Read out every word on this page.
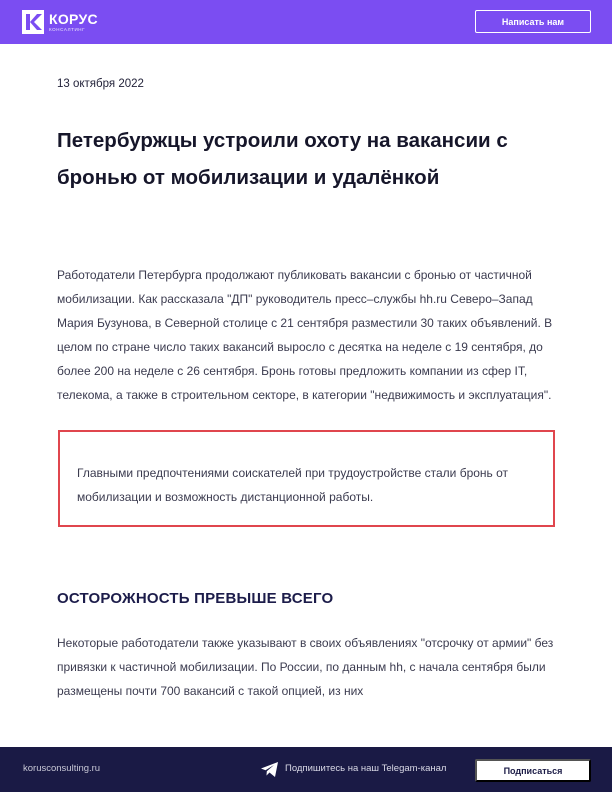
КОРУС
КОНСАЛТИНГ
Написать нам
13 октября 2022
Петербуржцы устроили охоту на вакансии с бронью от мобилизации и удалёнкой

Работодатели Петербурга продолжают публиковать вакансии с бронью от частичной мобилизации. Как рассказала "ДП" руководитель пресс–службы hh.ru Северо–Запад Мария Бузунова, в Северной столице с 21 сентября разместили 30 таких объявлений. В целом по стране число таких вакансий выросло с десятка на неделе с 19 сентября, до более 200 на неделе с 26 сентября. Бронь готовы предложить компании из сфер IT, телекома, а также в строительном секторе, в категории "недвижимость и эксплуатация".

Главными предпочтениями соискателей при трудоустройстве стали бронь от мобилизации и возможность дистанционной работы.
ОСТОРОЖНОСТЬ ПРЕВЫШЕ ВСЕГО

Некоторые работодатели также указывают в своих объявлениях "отсрочку от армии" без привязки к частичной мобилизации. По России, по данным hh, с начала сентября были размещены почти 700 вакансий с такой опцией, из них

korusconsulting.ru	Подпишитесь на наш Telegam-канал	Подписаться
